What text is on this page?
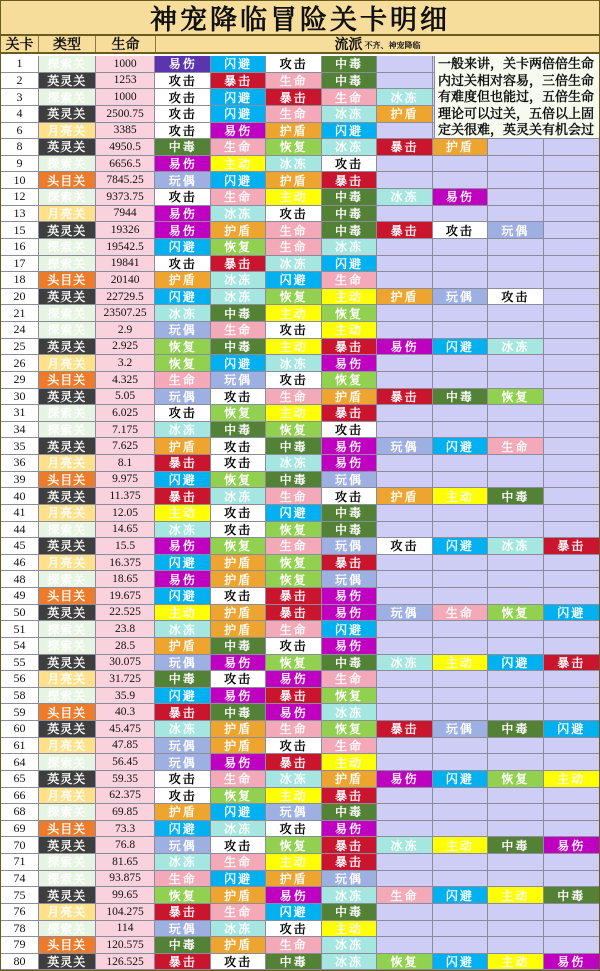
神宠降临冒险关卡明细
关卡	类型	生命	流派 不齐、神宠降临
1	探索关	1000	易伤	闪避	攻击	中毒
2	英灵关	1253	攻击	暴击	生命	中毒
3	探索关	1000	攻击	闪避	暴击	生命	冰冻
4	英灵关	2500.75	攻击	闪避	生命	冰冻	护盾
6	月亮关	3385	攻击	易伤	护盾	闪避
8	英灵关	4950.5	中毒	生命	恢复	冰冻	暴击	护盾
9	探索关	6656.5	易伤	主动	冰冻	攻击
10	头目关	7845.25	玩偶	闪避	护盾	暴击
12	探索关	9373.75	攻击	生命	主动	中毒	冰冻	易伤
13	月亮关	7944	易伤	冰冻	攻击	中毒
15	英灵关	19326	易伤	护盾	生命	中毒	暴击	攻击	玩偶
16	探索关	19542.5	闪避	恢复	生命	冰冻
17	探索关	19841	攻击	暴击	冰冻	闪避
18	头目关	20140	护盾	冰冻	闪避	生命
20	英灵关	22729.5	闪避	冰冻	恢复	主动	护盾	玩偶	攻击
21	探索关	23507.25	冰冻	中毒	主动	恢复
24	探索关	2.9	玩偶	生命	攻击	主动
25	英灵关	2.925	恢复	中毒	主动	暴击	易伤	闪避	冰冻
26	月亮关	3.2	恢复	闪避	冰冻	易伤
29	头目关	4.325	生命	玩偶	攻击	恢复
30	英灵关	5.05	玩偶	攻击	生命	护盾	暴击	中毒	恢复
31	探索关	6.025	攻击	恢复	主动	暴击
34	探索关	7.175	冰冻	中毒	恢复	攻击
35	英灵关	7.625	护盾	攻击	中毒	易伤	玩偶	闪避	生命
36	月亮关	8.1	暴击	攻击	冰冻	易伤
39	头目关	9.975	闪避	恢复	中毒	玩偶
40	英灵关	11.375	暴击	冰冻	生命	攻击	护盾	主动	中毒
41	月亮关	12.05	主动	攻击	闪避	中毒
44	探索关	14.65	冰冻	攻击	恢复	中毒
45	英灵关	15.5	易伤	恢复	生命	玩偶	攻击	闪避	冰冻	暴击
46	月亮关	16.375	闪避	护盾	恢复	暴击
48	探索关	18.65	易伤	护盾	恢复	玩偶
49	头目关	19.675	闪避	攻击	暴击	易伤
50	英灵关	22.525	主动	护盾	暴击	易伤	玩偶	生命	恢复	闪避
51	探索关	23.8	冰冻	护盾	生命	闪避
54	探索关	28.5	护盾	中毒	攻击	易伤
55	英灵关	30.075	玩偶	易伤	恢复	中毒	冰冻	主动	闪避	暴击
56	月亮关	31.725	中毒	攻击	易伤	生命
58	探索关	35.9	闪避	易伤	暴击	恢复
59	头目关	40.3	暴击	中毒	易伤	冰冻
60	英灵关	45.475	冰冻	护盾	生命	恢复	暴击	玩偶	中毒	闪避
61	月亮关	47.85	玩偶	护盾	攻击	生命
64	探索关	56.45	玩偶	易伤	暴击	主动
65	英灵关	59.35	攻击	生命	冰冻	护盾	易伤	闪避	恢复	主动
66	月亮关	62.375	攻击	恢复	主动	暴击
68	探索关	69.85	护盾	闪避	玩偶	中毒
69	头目关	73.3	闪避	冰冻	攻击	易伤
70	英灵关	76.8	玩偶	攻击	恢复	暴击	冰冻	主动	中毒	易伤
71	探索关	81.65	冰冻	生命	主动	暴击
74	探索关	93.875	生命	闪避	护盾	玩偶
75	英灵关	99.65	恢复	护盾	易伤	冰冻	生命	闪避	主动	中毒
76	月亮关	104.275	暴击	生命	闪避	中毒
78	探索关	114	玩偶	冰冻	攻击	主动
79	头目关	120.575	中毒	护盾	生命	冰冻
80	英灵关	126.525	暴击	攻击	中毒	冰冻	恢复	闪避	主动	易伤
一般来讲，关卡两倍倍生命
内过关相对容易，三倍生命
有难度但也能过，五倍生命
理论可以过关，五倍以上固
定关很难，英灵关有机会过
